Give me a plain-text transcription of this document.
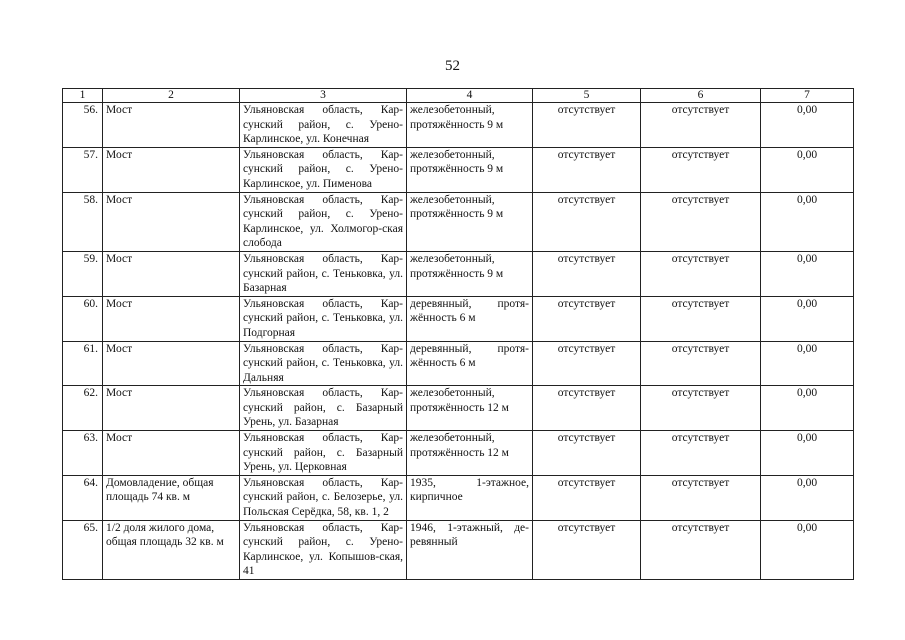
52
1	2	3	4	5	6	7
56.	Мост	Ульяновская область, Кар-сунский район, с. Урено-Карлинское, ул. Конечная	железобетонный, протяжённость 9 м	отсутствует	отсутствует	0,00
57.	Мост	Ульяновская область, Кар-сунский район, с. Урено-Карлинское, ул. Пименова	железобетонный, протяжённость 9 м	отсутствует	отсутствует	0,00
58.	Мост	Ульяновская область, Кар-сунский район, с. Урено-Карлинское, ул. Холмогор-ская слобода	железобетонный, протяжённость 9 м	отсутствует	отсутствует	0,00
59.	Мост	Ульяновская область, Кар-сунский район, с. Теньковка, ул. Базарная	железобетонный, протяжённость 9 м	отсутствует	отсутствует	0,00
60.	Мост	Ульяновская область, Кар-сунский район, с. Теньковка, ул. Подгорная	деревянный, протя-жённость 6 м	отсутствует	отсутствует	0,00
61.	Мост	Ульяновская область, Кар-сунский район, с. Теньковка, ул. Дальняя	деревянный, протя-жённость 6 м	отсутствует	отсутствует	0,00
62.	Мост	Ульяновская область, Кар-сунский район, с. Базарный Урень, ул. Базарная	железобетонный, протяжённость 12 м	отсутствует	отсутствует	0,00
63.	Мост	Ульяновская область, Кар-сунский район, с. Базарный Урень, ул. Церковная	железобетонный, протяжённость 12 м	отсутствует	отсутствует	0,00
64.	Домовладение, общая площадь 74 кв. м	Ульяновская область, Кар-сунский район, с. Белозерье, ул. Польская Серёдка, 58, кв. 1, 2	1935, 1-этажное, кирпичное	отсутствует	отсутствует	0,00
65.	1/2 доля жилого дома, общая площадь 32 кв. м	Ульяновская область, Кар-сунский район, с. Урено-Карлинское, ул. Копышов-ская, 41	1946, 1-этажный, де-ревянный	отсутствует	отсутствует	0,00
